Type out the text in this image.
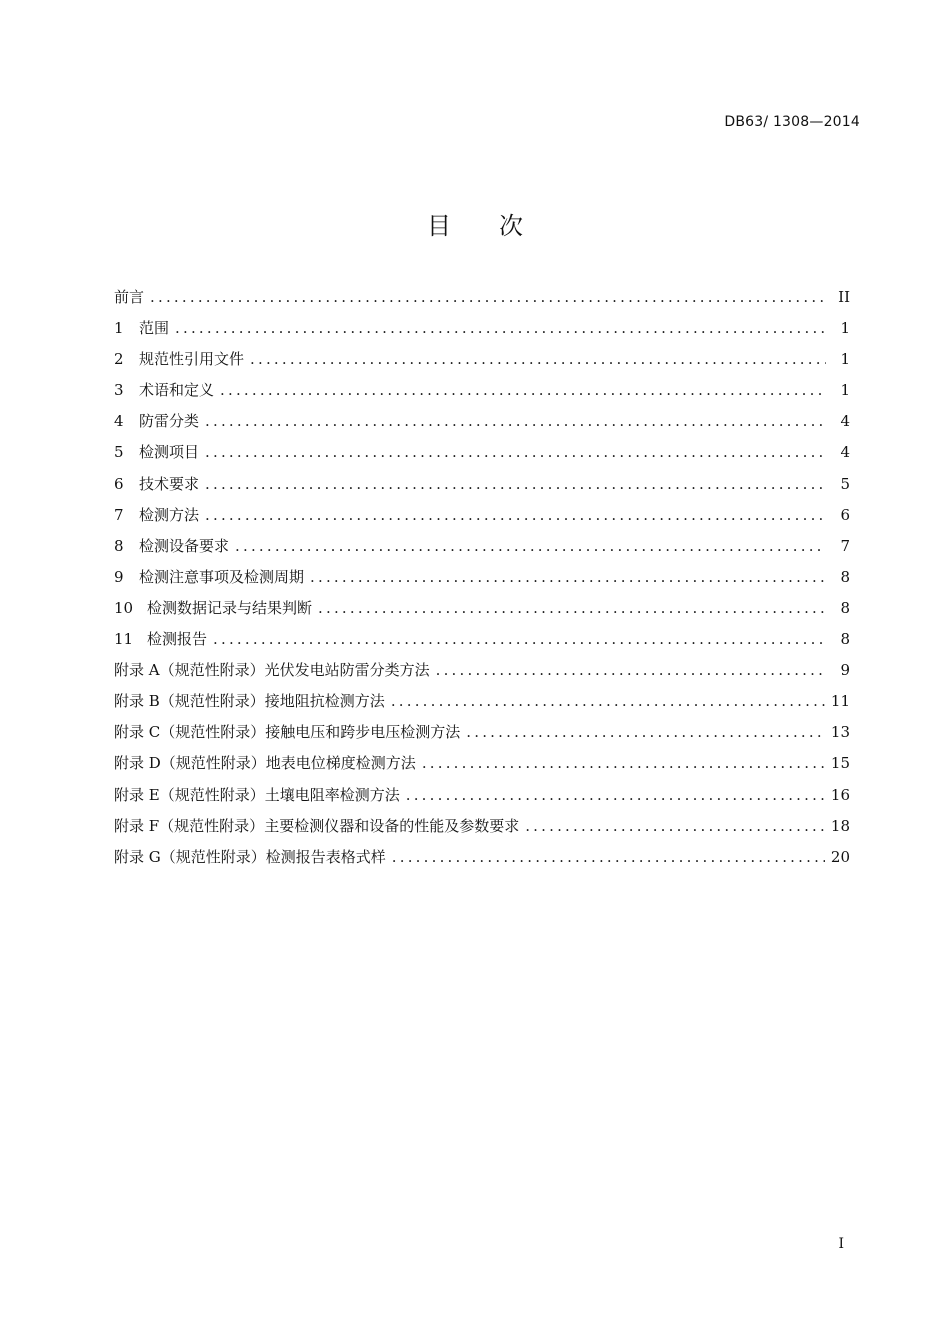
DB63/ 1308—2014
目 次
前言 .....	II
1	范围 .....	1
2	规范性引用文件 .....	1
3	术语和定义 .....	1
4	防雷分类 .....	4
5	检测项目 .....	4
6	技术要求 .....	5
7	检测方法 .....	6
8	检测设备要求 .....	7
9	检测注意事项及检测周期 .....	8
10 检测数据记录与结果判断 .....	8
11 检测报告 .....	8
附录 A（规范性附录） 光伏发电站防雷分类方法 .....	9
附录 B（规范性附录） 接地阻抗检测方法 .....	11
附录 C（规范性附录） 接触电压和跨步电压检测方法 .....	13
附录 D（规范性附录） 地表电位梯度检测方法 .....	15
附录 E（规范性附录） 土壤电阻率检测方法 .....	16
附录 F（规范性附录） 主要检测仪器和设备的性能及参数要求 .....	18
附录 G（规范性附录） 检测报告表格式样 .....	20
I
